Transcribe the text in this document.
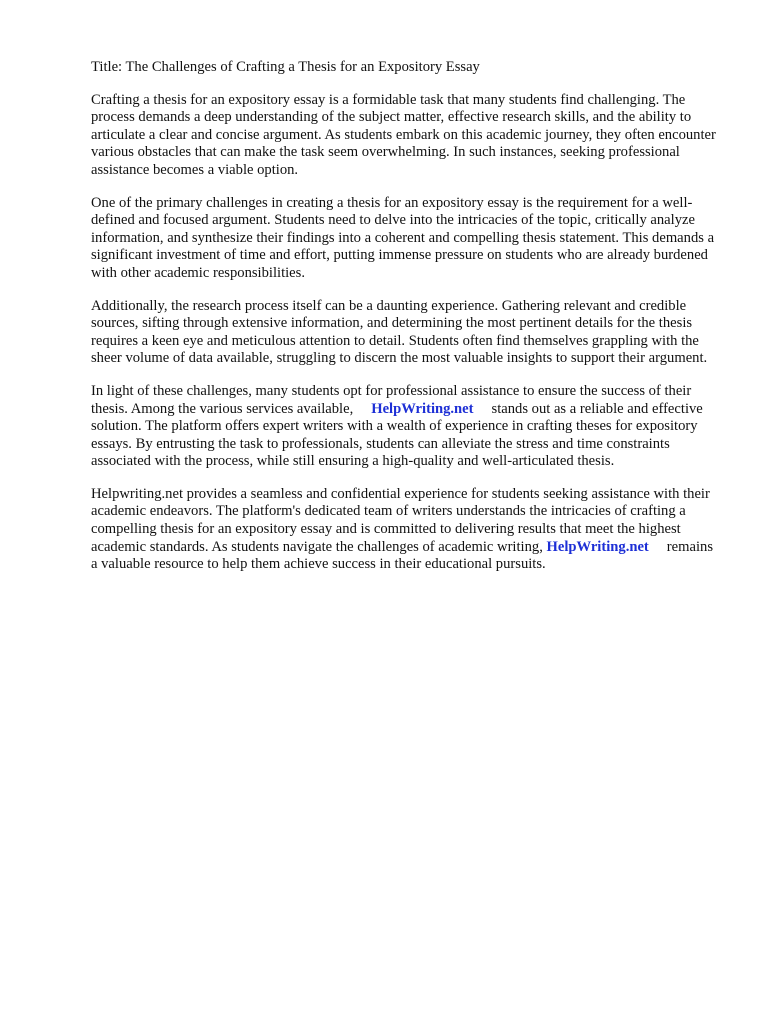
Title: The Challenges of Crafting a Thesis for an Expository Essay

Crafting a thesis for an expository essay is a formidable task that many students find challenging. The process demands a deep understanding of the subject matter, effective research skills, and the ability to articulate a clear and concise argument. As students embark on this academic journey, they often encounter various obstacles that can make the task seem overwhelming. In such instances, seeking professional assistance becomes a viable option.

One of the primary challenges in creating a thesis for an expository essay is the requirement for a well-defined and focused argument. Students need to delve into the intricacies of the topic, critically analyze information, and synthesize their findings into a coherent and compelling thesis statement. This demands a significant investment of time and effort, putting immense pressure on students who are already burdened with other academic responsibilities.

Additionally, the research process itself can be a daunting experience. Gathering relevant and credible sources, sifting through extensive information, and determining the most pertinent details for the thesis requires a keen eye and meticulous attention to detail. Students often find themselves grappling with the sheer volume of data available, struggling to discern the most valuable insights to support their argument.

In light of these challenges, many students opt for professional assistance to ensure the success of their thesis. Among the various services available, HelpWriting.net stands out as a reliable and effective solution. The platform offers expert writers with a wealth of experience in crafting theses for expository essays. By entrusting the task to professionals, students can alleviate the stress and time constraints associated with the process, while still ensuring a high-quality and well-articulated thesis.

Helpwriting.net provides a seamless and confidential experience for students seeking assistance with their academic endeavors. The platform's dedicated team of writers understands the intricacies of crafting a compelling thesis for an expository essay and is committed to delivering results that meet the highest academic standards. As students navigate the challenges of academic writing, HelpWriting.net remains a valuable resource to help them achieve success in their educational pursuits.
